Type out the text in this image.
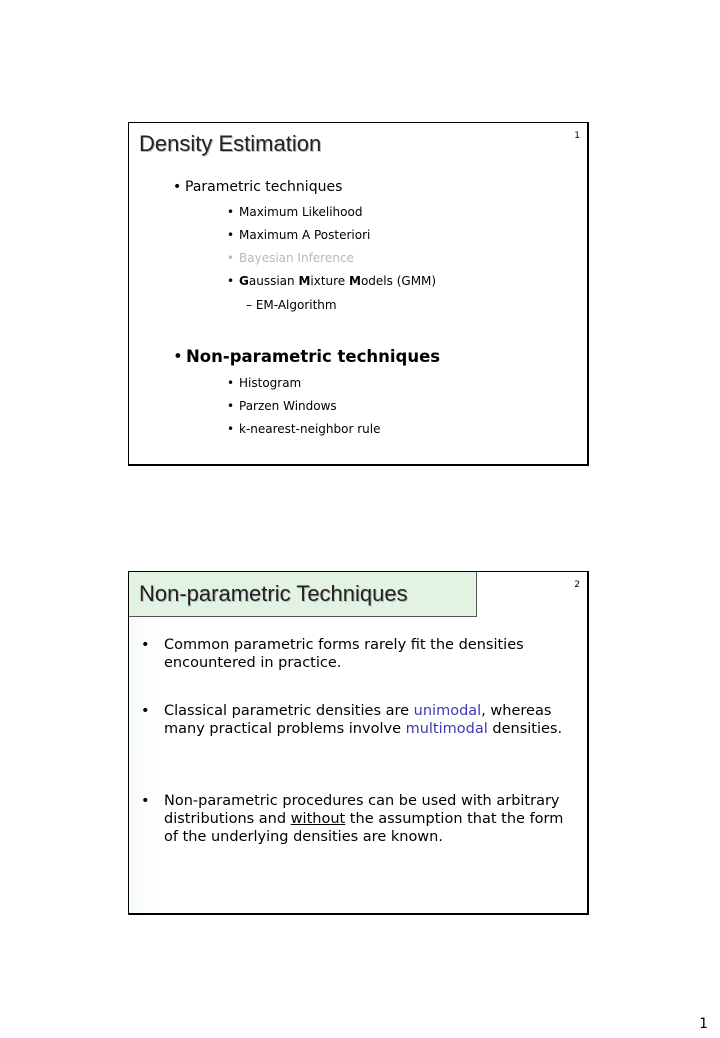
1
Density Estimation
• Parametric techniques
• Maximum Likelihood
• Maximum A Posteriori
• Bayesian Inference
• Gaussian Mixture Models (GMM)
– EM-Algorithm
• Non-parametric techniques
• Histogram
• Parzen Windows
• k-nearest-neighbor rule
Non-parametric Techniques	2
• Common parametric forms rarely fit the densities encountered in practice.
• Classical parametric densities are unimodal, whereas many practical problems involve multimodal densities.
• Non-parametric procedures can be used with arbitrary distributions and without the assumption that the form of the underlying densities are known.
1
